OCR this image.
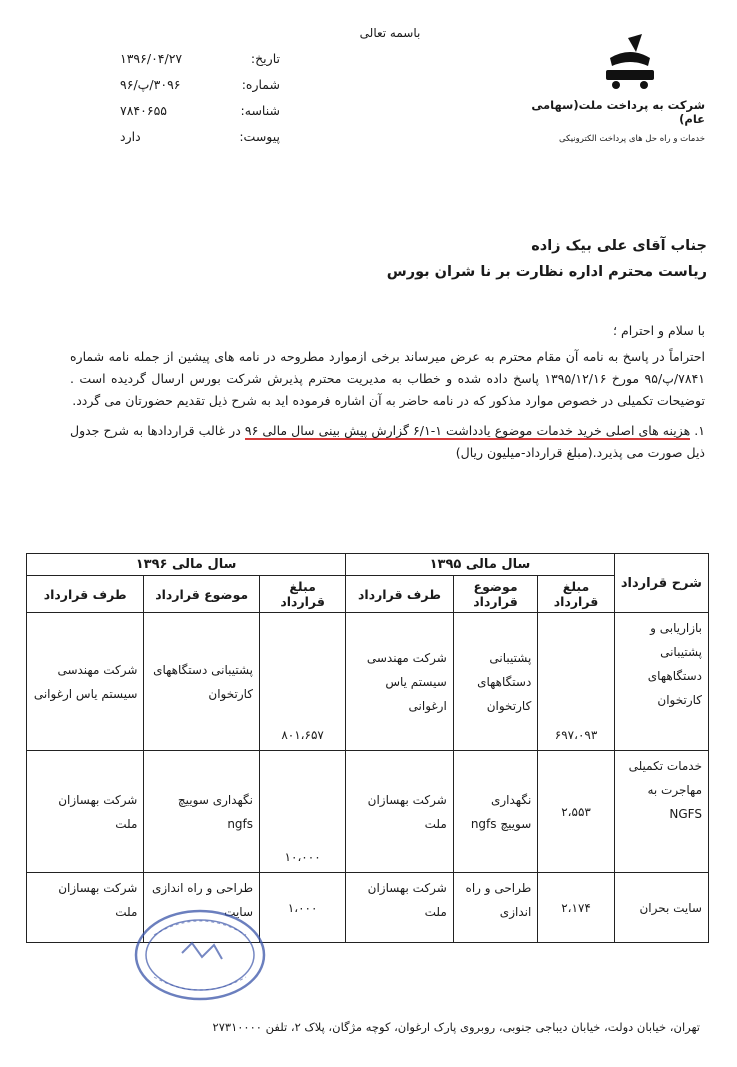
باسمه تعالی
تاریخ:
۱۳۹۶/۰۴/۲۷
شماره:
۳۰۹۶/پ/۹۶
شناسه:
۷۸۴۰۶۵۵
پیوست:
دارد
شرکت به پرداخت ملت(سهامی عام)
خدمات و راه حل های پرداخت الکترونیکی
جناب آقای علی بیک زاده
ریاست محترم اداره نظارت بر نا شران بورس
با سلام و احترام ؛
احتراماً در پاسخ به نامه آن مقام محترم به عرض میرساند برخی ازموارد مطروحه در نامه های پیشین از جمله نامه شماره ۷۸۴۱/پ/۹۵ مورخ ۱۳۹۵/۱۲/۱۶ پاسخ داده شده و خطاب به مدیریت محترم پذیرش شرکت بورس ارسال گردیده است . توضیحات تکمیلی در خصوص موارد مذکور که در نامه حاضر به آن اشاره فرموده اید به شرح ذیل تقدیم حضورتان می گردد.
۱. هزینه های اصلی خرید خدمات موضوع یادداشت ۱-۶/۱ گزارش پیش بینی سال مالی ۹۶ در غالب قراردادها به شرح جدول ذیل صورت می پذیرد.(مبلغ قرارداد-میلیون ریال)
شرح قرارداد	سال مالی ۱۳۹۵			سال مالی ۱۳۹۶		
	مبلغ قرارداد	موضوع قرارداد	طرف قرارداد	مبلغ قرارداد	موضوع قرارداد	طرف قرارداد
بازاریابی و پشتیبانی دستگاههای کارتخوان	۶۹۷،۰۹۳	پشتیبانی دستگاههای کارتخوان	شرکت مهندسی سیستم یاس ارغوانی	۸۰۱،۶۵۷	پشتیبانی دستگاههای کارتخوان	شرکت مهندسی سیستم یاس ارغوانی
خدمات تکمیلی مهاجرت به NGFS	۲،۵۵۳	نگهداری سوییچ ngfs	شرکت بهسازان ملت	۱۰،۰۰۰	نگهداری سوییچ ngfs	شرکت بهسازان ملت
سایت بحران	۲،۱۷۴	طراحی و راه اندازی	شرکت بهسازان ملت	۱،۰۰۰	طراحی و راه اندازی سایت	شرکت بهسازان ملت
تهران، خیابان دولت، خیابان دیباجی جنوبی، روبروی پارک ارغوان، کوچه مژگان، پلاک ۲، تلفن ۲۷۳۱۰۰۰۰
